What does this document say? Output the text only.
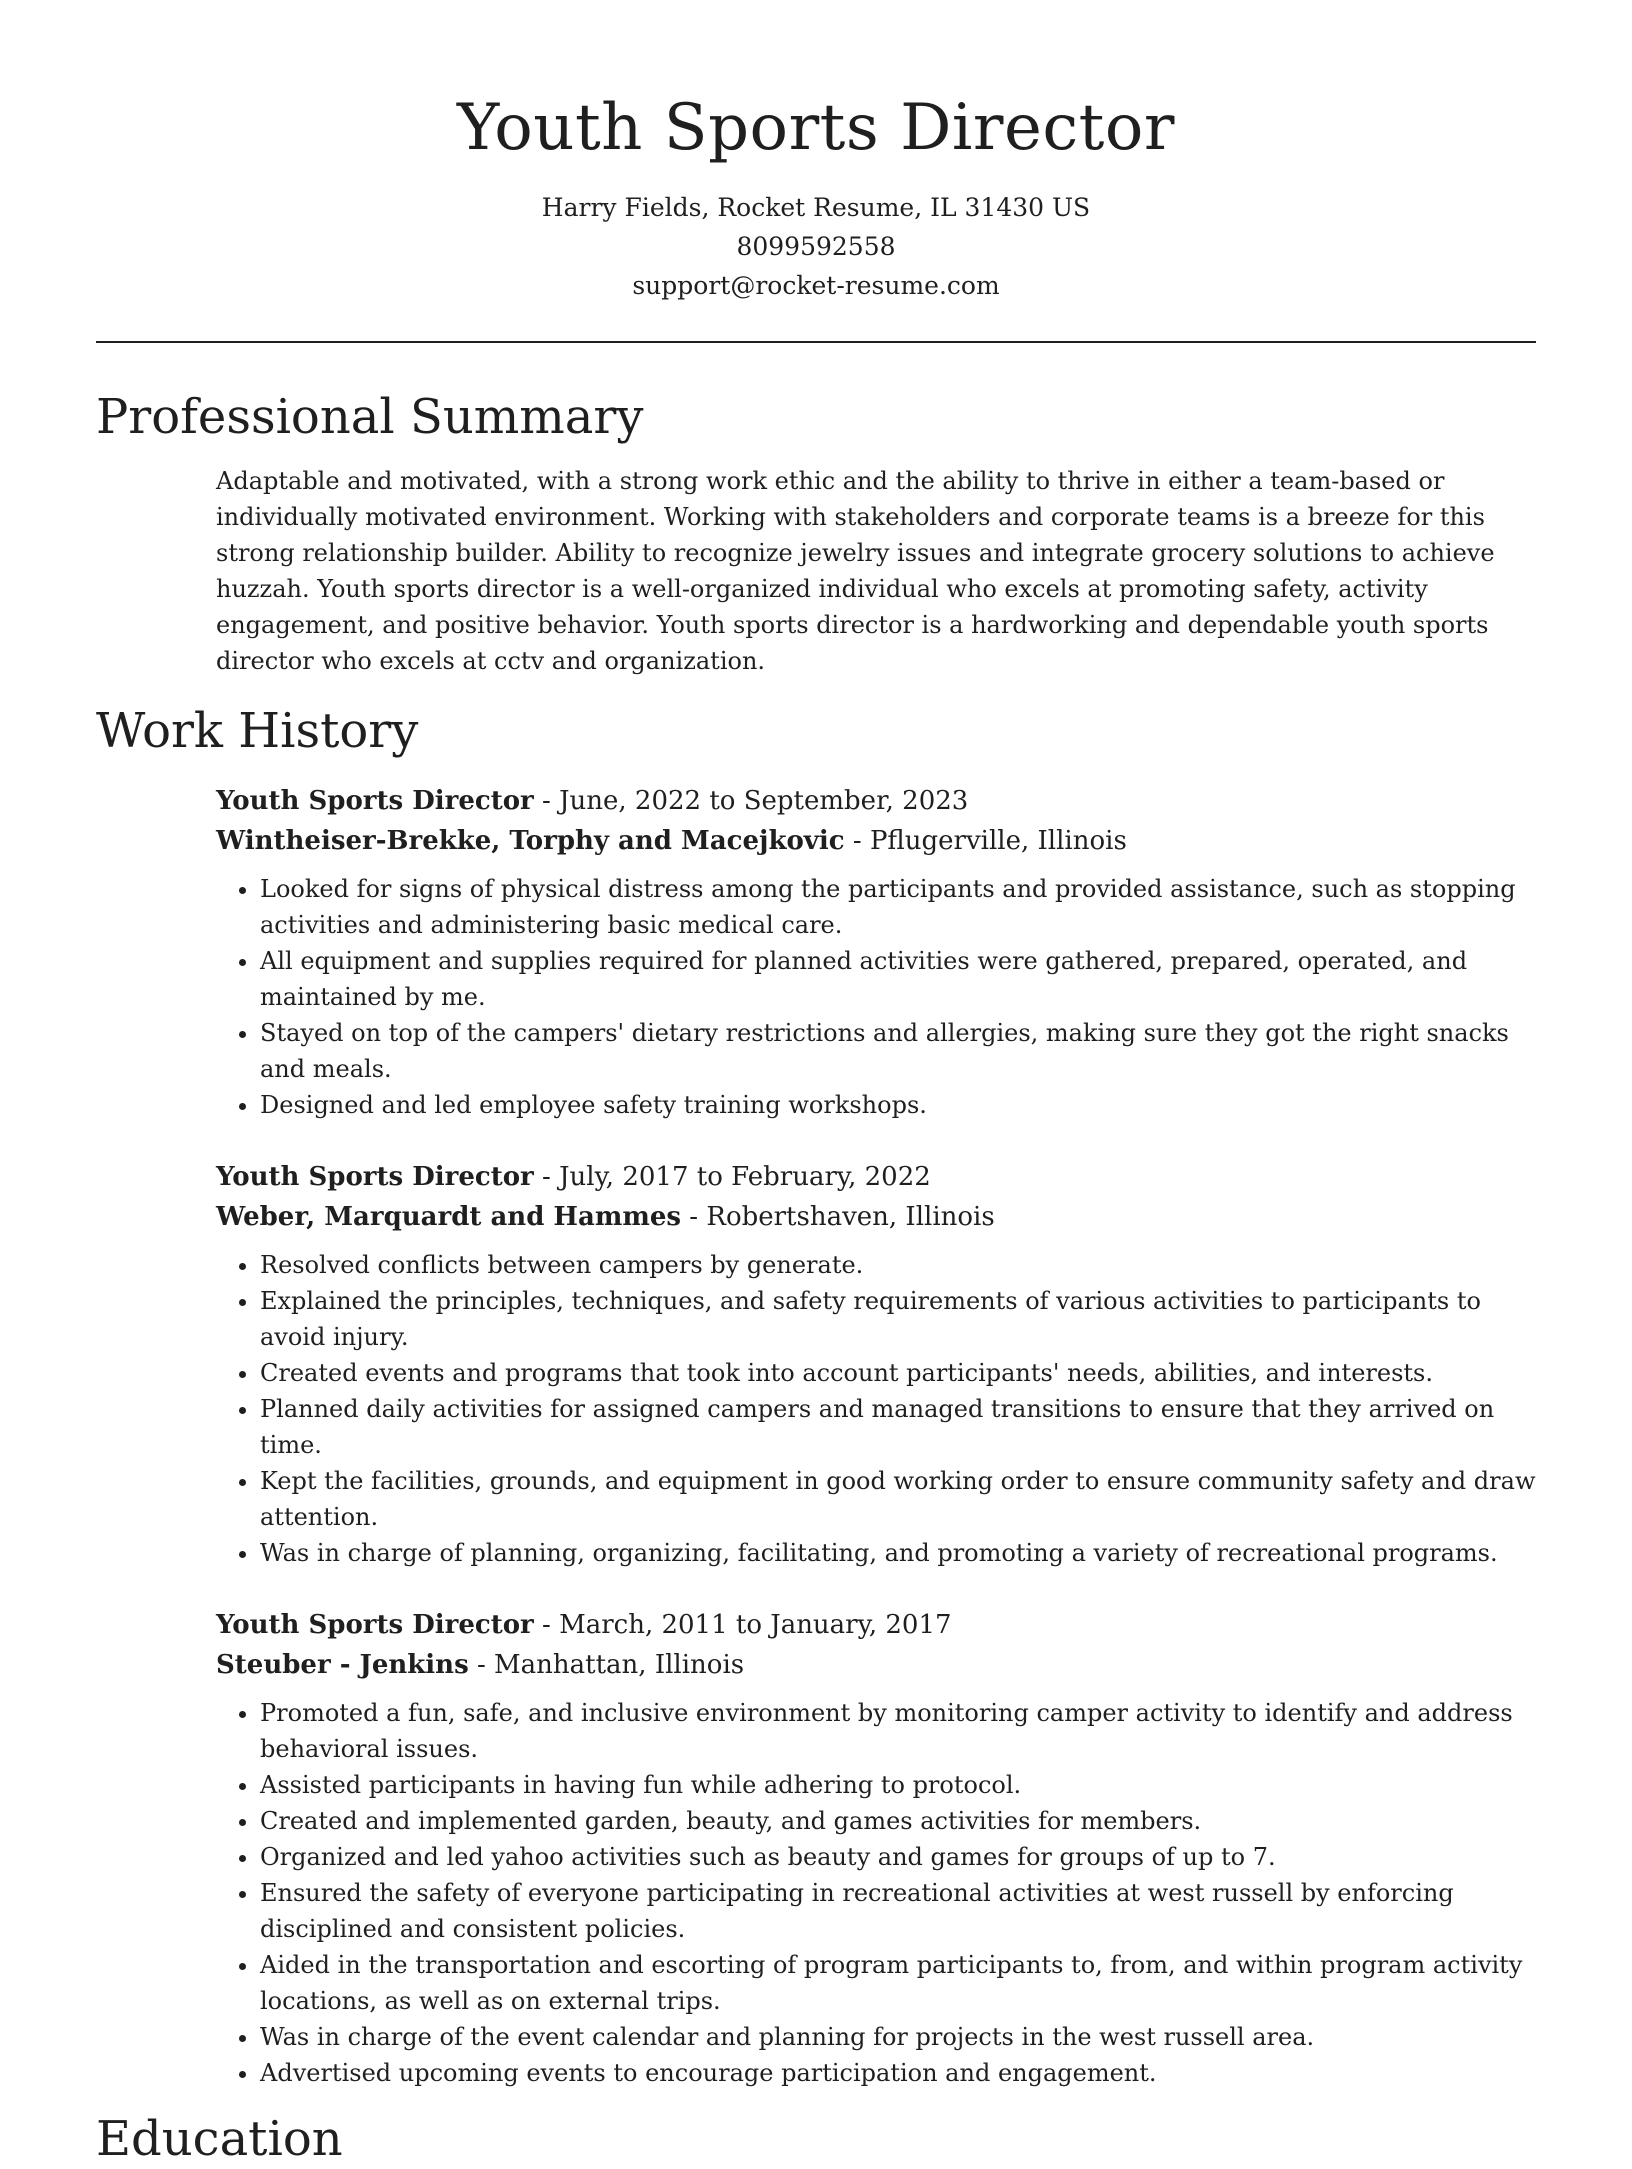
Youth Sports Director
Harry Fields, Rocket Resume, IL 31430 US
8099592558
support@rocket-resume.com
Professional Summary

Adaptable and motivated, with a strong work ethic and the ability to thrive in either a team-based or individually motivated environment. Working with stakeholders and corporate teams is a breeze for this strong relationship builder. Ability to recognize jewelry issues and integrate grocery solutions to achieve huzzah. Youth sports director is a well-organized individual who excels at promoting safety, activity engagement, and positive behavior. Youth sports director is a hardworking and dependable youth sports director who excels at cctv and organization.

Work History
Youth Sports Director - June, 2022 to September, 2023
Wintheiser-Brekke, Torphy and Macejkovic - Pflugerville, Illinois
• Looked for signs of physical distress among the participants and provided assistance, such as stopping activities and administering basic medical care.
• All equipment and supplies required for planned activities were gathered, prepared, operated, and maintained by me.
• Stayed on top of the campers' dietary restrictions and allergies, making sure they got the right snacks and meals.
• Designed and led employee safety training workshops.
Youth Sports Director - July, 2017 to February, 2022
Weber, Marquardt and Hammes - Robertshaven, Illinois
• Resolved conflicts between campers by generate.
• Explained the principles, techniques, and safety requirements of various activities to participants to avoid injury.
• Created events and programs that took into account participants' needs, abilities, and interests.
• Planned daily activities for assigned campers and managed transitions to ensure that they arrived on time.
• Kept the facilities, grounds, and equipment in good working order to ensure community safety and draw attention.
• Was in charge of planning, organizing, facilitating, and promoting a variety of recreational programs.
Youth Sports Director - March, 2011 to January, 2017
Steuber - Jenkins - Manhattan, Illinois
• Promoted a fun, safe, and inclusive environment by monitoring camper activity to identify and address behavioral issues.
• Assisted participants in having fun while adhering to protocol.
• Created and implemented garden, beauty, and games activities for members.
• Organized and led yahoo activities such as beauty and games for groups of up to 7.
• Ensured the safety of everyone participating in recreational activities at west russell by enforcing disciplined and consistent policies.
• Aided in the transportation and escorting of program participants to, from, and within program activity locations, as well as on external trips.
• Was in charge of the event calendar and planning for projects in the west russell area.
• Advertised upcoming events to encourage participation and engagement.
Education
